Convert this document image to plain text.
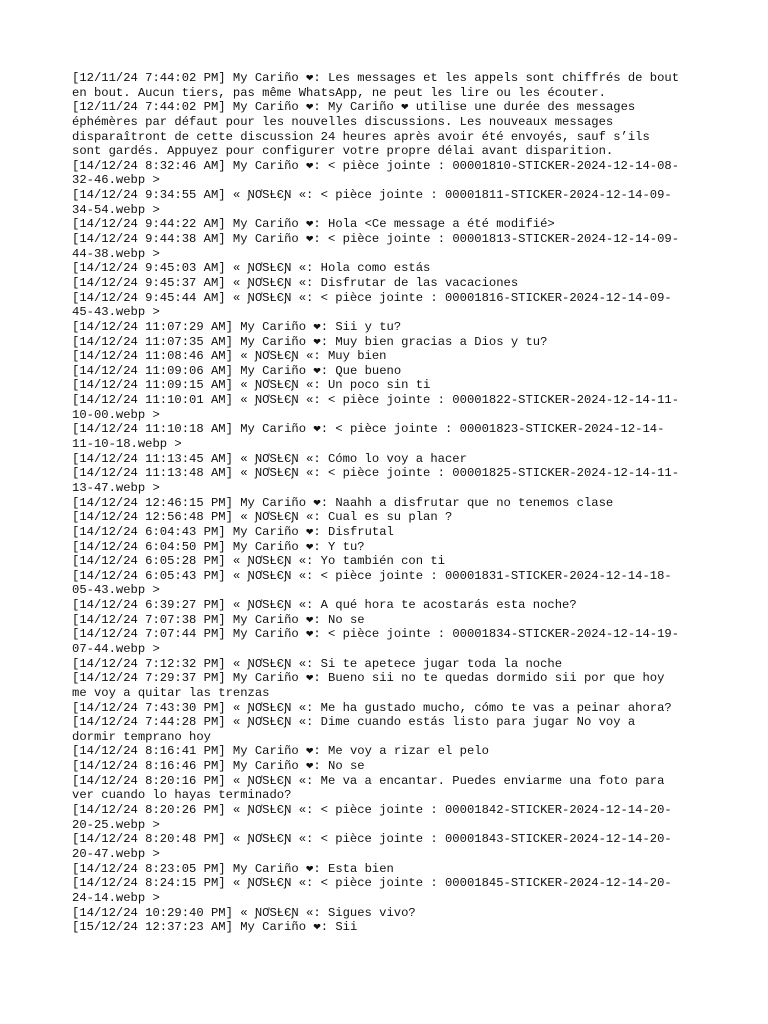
[12/11/24 7:44:02 PM] My Cariño ❤: Les messages et les appels sont chiffrés de bout
en bout. Aucun tiers, pas même WhatsApp, ne peut les lire ou les écouter.
[12/11/24 7:44:02 PM] My Cariño ❤: My Cariño ❤ utilise une durée des messages
éphémères par défaut pour les nouvelles discussions. Les nouveaux messages
disparaîtront de cette discussion 24 heures après avoir été envoyés, sauf s’ils
sont gardés. Appuyez pour configurer votre propre délai avant disparition.
[14/12/24 8:32:46 AM] My Cariño ❤: < pièce jointe : 00001810-STICKER-2024-12-14-08-
32-46.webp >
[14/12/24 9:34:55 AM] « ƝƠЅȽЄƝ «: < pièce jointe : 00001811-STICKER-2024-12-14-09-
34-54.webp >
[14/12/24 9:44:22 AM] My Cariño ❤: Hola <Ce message a été modifié>
[14/12/24 9:44:38 AM] My Cariño ❤: < pièce jointe : 00001813-STICKER-2024-12-14-09-
44-38.webp >
[14/12/24 9:45:03 AM] « ƝƠЅȽЄƝ «: Hola como estás
[14/12/24 9:45:37 AM] « ƝƠЅȽЄƝ «: Disfrutar de las vacaciones
[14/12/24 9:45:44 AM] « ƝƠЅȽЄƝ «: < pièce jointe : 00001816-STICKER-2024-12-14-09-
45-43.webp >
[14/12/24 11:07:29 AM] My Cariño ❤: Sii y tu?
[14/12/24 11:07:35 AM] My Cariño ❤: Muy bien gracias a Dios y tu?
[14/12/24 11:08:46 AM] « ƝƠЅȽЄƝ «: Muy bien
[14/12/24 11:09:06 AM] My Cariño ❤: Que bueno
[14/12/24 11:09:15 AM] « ƝƠЅȽЄƝ «: Un poco sin ti
[14/12/24 11:10:01 AM] « ƝƠЅȽЄƝ «: < pièce jointe : 00001822-STICKER-2024-12-14-11-
10-00.webp >
[14/12/24 11:10:18 AM] My Cariño ❤: < pièce jointe : 00001823-STICKER-2024-12-14-
11-10-18.webp >
[14/12/24 11:13:45 AM] « ƝƠЅȽЄƝ «: Cómo lo voy a hacer
[14/12/24 11:13:48 AM] « ƝƠЅȽЄƝ «: < pièce jointe : 00001825-STICKER-2024-12-14-11-
13-47.webp >
[14/12/24 12:46:15 PM] My Cariño ❤: Naahh a disfrutar que no tenemos clase
[14/12/24 12:56:48 PM] « ƝƠЅȽЄƝ «: Cual es su plan ?
[14/12/24 6:04:43 PM] My Cariño ❤: Disfrutal
[14/12/24 6:04:50 PM] My Cariño ❤: Y tu?
[14/12/24 6:05:28 PM] « ƝƠЅȽЄƝ «: Yo también con ti
[14/12/24 6:05:43 PM] « ƝƠЅȽЄƝ «: < pièce jointe : 00001831-STICKER-2024-12-14-18-
05-43.webp >
[14/12/24 6:39:27 PM] « ƝƠЅȽЄƝ «: A qué hora te acostarás esta noche?
[14/12/24 7:07:38 PM] My Cariño ❤: No se
[14/12/24 7:07:44 PM] My Cariño ❤: < pièce jointe : 00001834-STICKER-2024-12-14-19-
07-44.webp >
[14/12/24 7:12:32 PM] « ƝƠЅȽЄƝ «: Si te apetece jugar toda la noche
[14/12/24 7:29:37 PM] My Cariño ❤: Bueno sii no te quedas dormido sii por que hoy
me voy a quitar las trenzas
[14/12/24 7:43:30 PM] « ƝƠЅȽЄƝ «: Me ha gustado mucho, cómo te vas a peinar ahora?
[14/12/24 7:44:28 PM] « ƝƠЅȽЄƝ «: Dime cuando estás listo para jugar No voy a
dormir temprano hoy
[14/12/24 8:16:41 PM] My Cariño ❤: Me voy a rizar el pelo
[14/12/24 8:16:46 PM] My Cariño ❤: No se
[14/12/24 8:20:16 PM] « ƝƠЅȽЄƝ «: Me va a encantar. Puedes enviarme una foto para
ver cuando lo hayas terminado?
[14/12/24 8:20:26 PM] « ƝƠЅȽЄƝ «: < pièce jointe : 00001842-STICKER-2024-12-14-20-
20-25.webp >
[14/12/24 8:20:48 PM] « ƝƠЅȽЄƝ «: < pièce jointe : 00001843-STICKER-2024-12-14-20-
20-47.webp >
[14/12/24 8:23:05 PM] My Cariño ❤: Esta bien
[14/12/24 8:24:15 PM] « ƝƠЅȽЄƝ «: < pièce jointe : 00001845-STICKER-2024-12-14-20-
24-14.webp >
[14/12/24 10:29:40 PM] « ƝƠЅȽЄƝ «: Sigues vivo?
[15/12/24 12:37:23 AM] My Cariño ❤: Sii
